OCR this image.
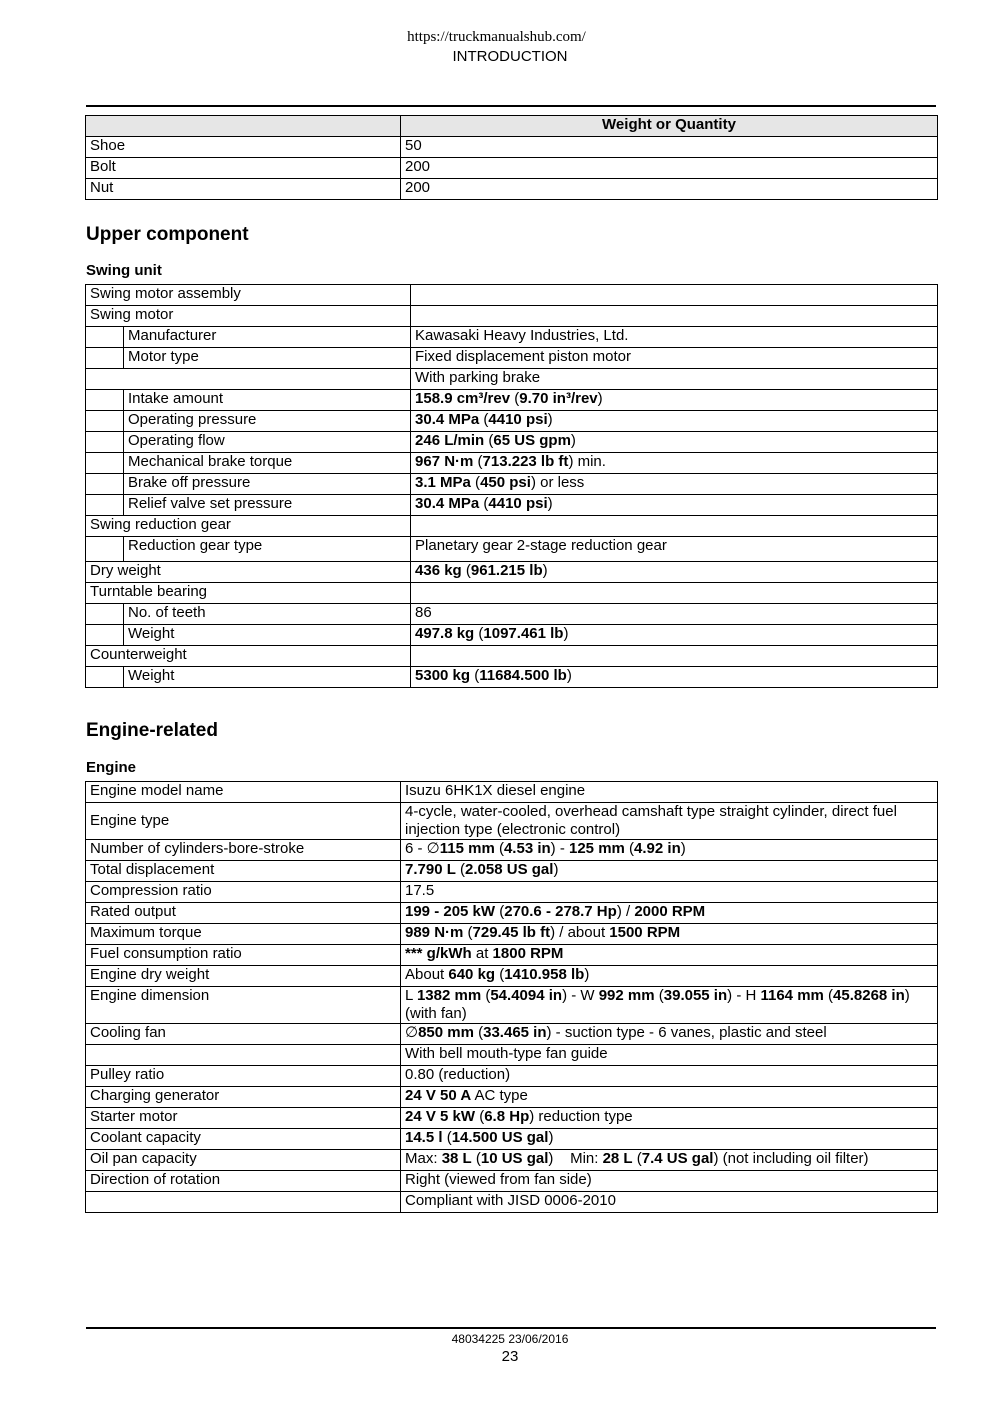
https://truckmanualshub.com/
INTRODUCTION
	Weight or Quantity
Shoe	50
Bolt	200
Nut	200
Upper component
Swing unit
Swing motor assembly		
Swing motor		
	Manufacturer	Kawasaki Heavy Industries, Ltd.
	Motor type	Fixed displacement piston motor
		With parking brake
	Intake amount	158.9 cm³/rev (9.70 in³/rev)
	Operating pressure	30.4 MPa (4410 psi)
	Operating flow	246 L/min (65 US gpm)
	Mechanical brake torque	967 N·m (713.223 lb ft) min.
	Brake off pressure	3.1 MPa (450 psi) or less
	Relief valve set pressure	30.4 MPa (4410 psi)
Swing reduction gear		
	Reduction gear type	Planetary gear 2-stage reduction gear
Dry weight		436 kg (961.215 lb)
Turntable bearing		
	No. of teeth	86
	Weight	497.8 kg (1097.461 lb)
Counterweight		
	Weight	5300 kg (11684.500 lb)
Engine-related
Engine
Engine model name	Isuzu 6HK1X diesel engine
Engine type	4-cycle, water-cooled, overhead camshaft type straight cylinder, direct fuel injection type (electronic control)
Number of cylinders-bore-stroke	6 - ∅115 mm (4.53 in) - 125 mm (4.92 in)
Total displacement	7.790 L (2.058 US gal)
Compression ratio	17.5
Rated output	199 - 205 kW (270.6 - 278.7 Hp) / 2000 RPM
Maximum torque	989 N·m (729.45 lb ft) / about 1500 RPM
Fuel consumption ratio	*** g/kWh at 1800 RPM
Engine dry weight	About 640 kg (1410.958 lb)
Engine dimension	L 1382 mm (54.4094 in) - W 992 mm (39.055 in) - H 1164 mm (45.8268 in) (with fan)
Cooling fan	∅850 mm (33.465 in) - suction type - 6 vanes, plastic and steel
	With bell mouth-type fan guide
Pulley ratio	0.80 (reduction)
Charging generator	24 V 50 A AC type
Starter motor	24 V 5 kW (6.8 Hp) reduction type
Coolant capacity	14.5 l (14.500 US gal)
Oil pan capacity	Max: 38 L (10 US gal)    Min: 28 L (7.4 US gal) (not including oil filter)
Direction of rotation	Right (viewed from fan side)
	Compliant with JISD 0006-2010
48034225 23/06/2016
23
